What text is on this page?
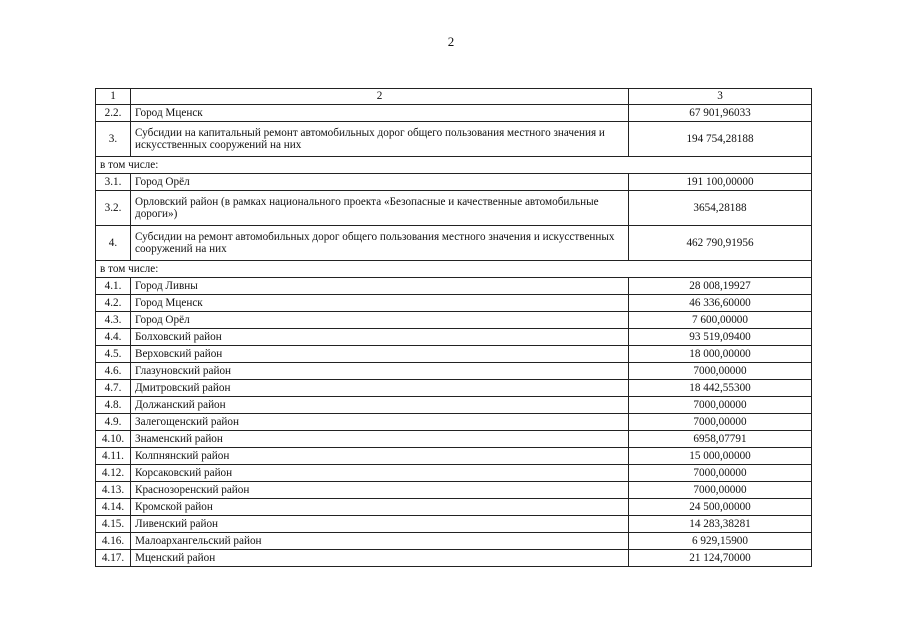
2
1	2	3
2.2.	Город Мценск	67 901,96033
3.	Субсидии на капитальный ремонт автомобильных дорог общего пользования местного значения и искусственных сооружений на них	194 754,28188
в том числе:		
3.1.	Город Орёл	191 100,00000
3.2.	Орловский район (в рамках национального проекта «Безопасные и качественные автомобильные дороги»)	3654,28188
4.	Субсидии на ремонт автомобильных дорог общего пользования местного значения и искусственных сооружений на них	462 790,91956
в том числе:		
4.1.	Город Ливны	28 008,19927
4.2.	Город Мценск	46 336,60000
4.3.	Город Орёл	7 600,00000
4.4.	Болховский район	93 519,09400
4.5.	Верховский район	18 000,00000
4.6.	Глазуновский район	7000,00000
4.7.	Дмитровский район	18 442,55300
4.8.	Должанский район	7000,00000
4.9.	Залегощенский район	7000,00000
4.10.	Знаменский район	6958,07791
4.11.	Колпнянский район	15 000,00000
4.12.	Корсаковский район	7000,00000
4.13.	Краснозоренский район	7000,00000
4.14.	Кромской район	24 500,00000
4.15.	Ливенский район	14 283,38281
4.16.	Малоархангельский район	6 929,15900
4.17.	Мценский район	21 124,70000
